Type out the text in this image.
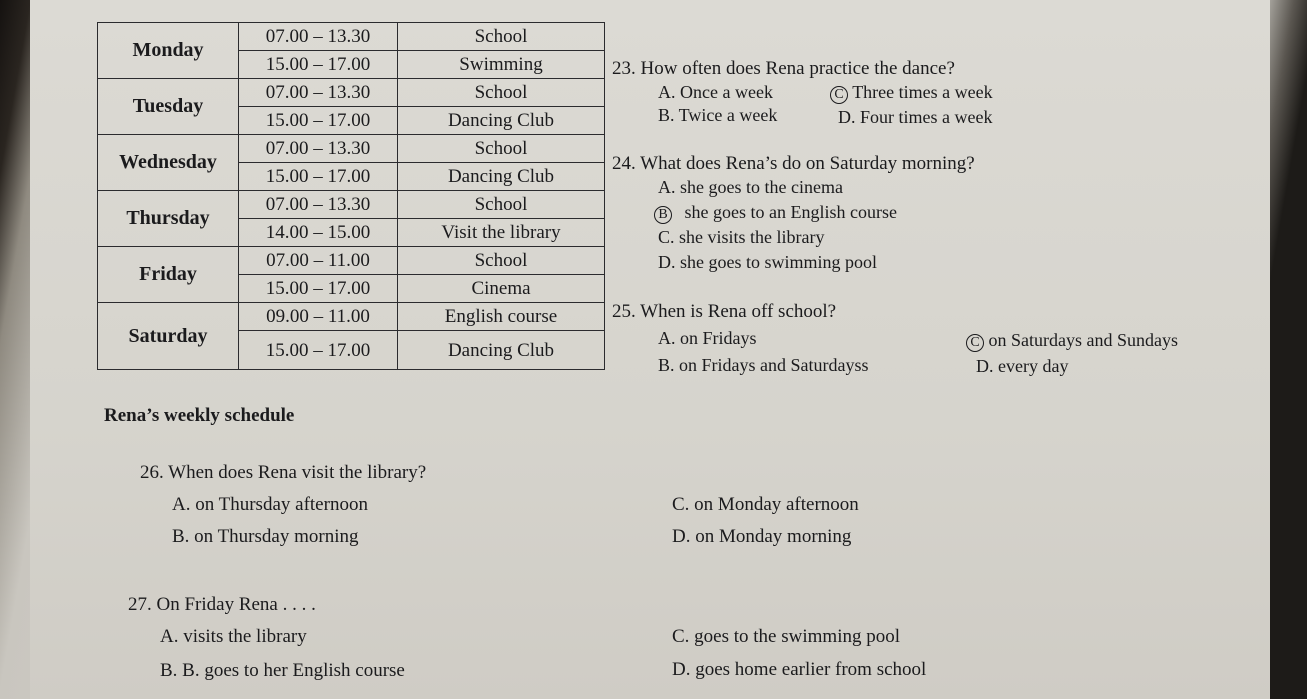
Monday	07.00 – 13.30	School
	15.00 – 17.00	Swimming
Tuesday	07.00 – 13.30	School
	15.00 – 17.00	Dancing Club
Wednesday	07.00 – 13.30	School
	15.00 – 17.00	Dancing Club
Thursday	07.00 – 13.30	School
	14.00 – 15.00	Visit the library
Friday	07.00 – 11.00	School
	15.00 – 17.00	Cinema
Saturday	09.00 – 11.00	English course
	15.00 – 17.00	Dancing Club
Rena’s weekly schedule
23. How often does Rena practice the dance?
A. Once a week	C Three times a week
B. Twice a week	D. Four times a week
24. What does Rena’s do on Saturday morning?
A. she goes to the cinema
B she goes to an English course
C. she visits the library
D. she goes to swimming pool
25. When is Rena off school?
A. on Fridays	C on Saturdays and Sundays
B. on Fridays and Saturdayss	D. every day
26. When does Rena visit the library?
A. on Thursday afternoon	C. on Monday afternoon
B. on Thursday morning	D. on Monday morning
27. On Friday Rena . . . .
A. visits the library	C. goes to the swimming pool
B. B. goes to her English course	D. goes home earlier from school
